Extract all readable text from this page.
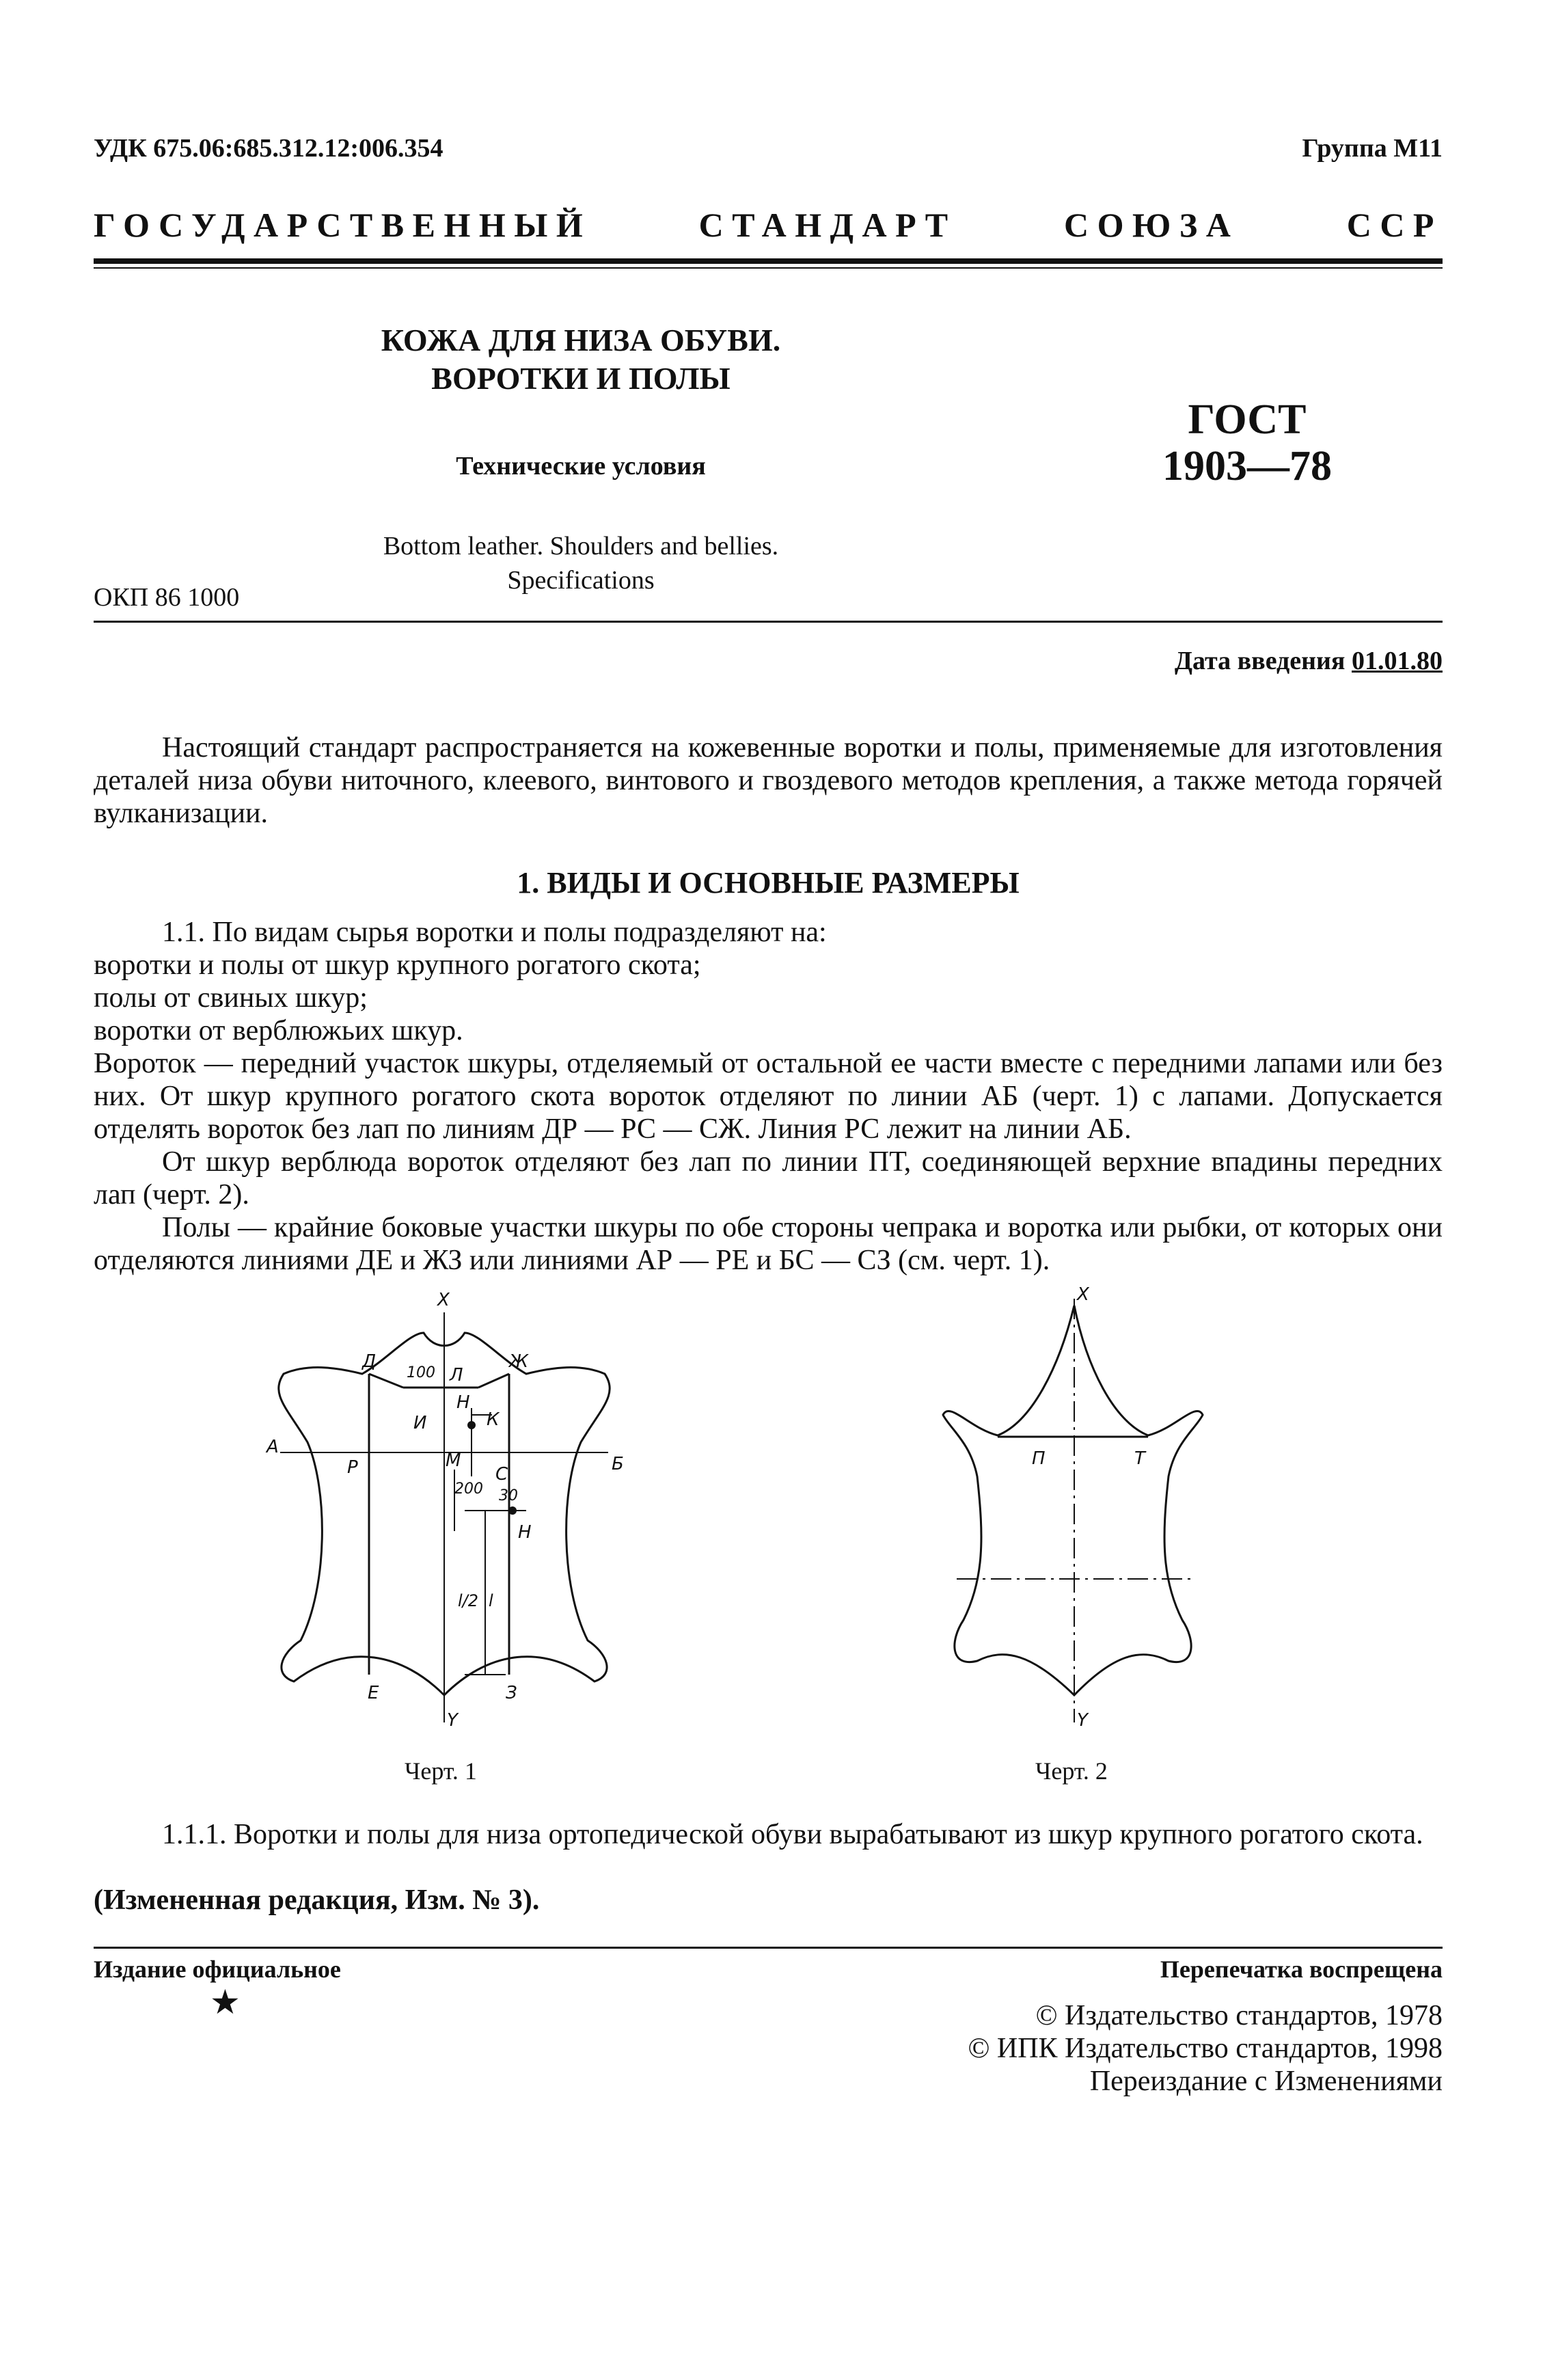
УДК 675.06:685.312.12:006.354	Группа М11
ГОСУДАРСТВЕННЫЙ	СТАНДАРТ	СОЮЗА	ССР
КОЖА ДЛЯ НИЗА ОБУВИ.
ВОРОТКИ И ПОЛЫ
Технические условия
Bottom leather. Shoulders and bellies.
Specifications
ГОСТ
1903—78
ОКП 86 1000
Дата введения 01.01.80

Настоящий стандарт распространяется на кожевенные воротки и полы, применяемые для изготовления деталей низа обуви ниточного, клеевого, винтового и гвоздевого методов крепления, а также метода горячей вулканизации.

1. ВИДЫ И ОСНОВНЫЕ РАЗМЕРЫ

1.1. По видам сырья воротки и полы подразделяют на:

воротки и полы от шкур крупного рогатого скота;

полы от свиных шкур;

воротки от верблюжьих шкур.

Вороток — передний участок шкуры, отделяемый от остальной ее части вместе с передними лапами или без них. От шкур крупного рогатого скота вороток отделяют по линии АБ (черт. 1) с лапами. Допускается отделять вороток без лап по линиям ДР — РС — СЖ. Линия РС лежит на линии АБ.

От шкур верблюда вороток отделяют без лап по линии ПТ, соединяющей верхние впадины передних лап (черт. 2).

Полы — крайние боковые участки шкуры по обе стороны чепрака и воротка или рыбки, от которых они отделяются линиями ДЕ и ЖЗ или линиями АР — РЕ и БС — СЗ (см. черт. 1).

X
Y
А
Б
Д	Ж
Р
Е	З
Л
И
Н
К
М
С
Н
100
200 30
l/2 l
X
Y
П	Т
Черт. 1	Черт. 2

1.1.1. Воротки и полы для низа ортопедической обуви вырабатывают из шкур крупного рогатого скота.

(Измененная редакция, Изм. № 3).
Издание официальное	Перепечатка воспрещена
★	© Издательство стандартов, 1978
© ИПК Издательство стандартов, 1998
Переиздание с Изменениями
